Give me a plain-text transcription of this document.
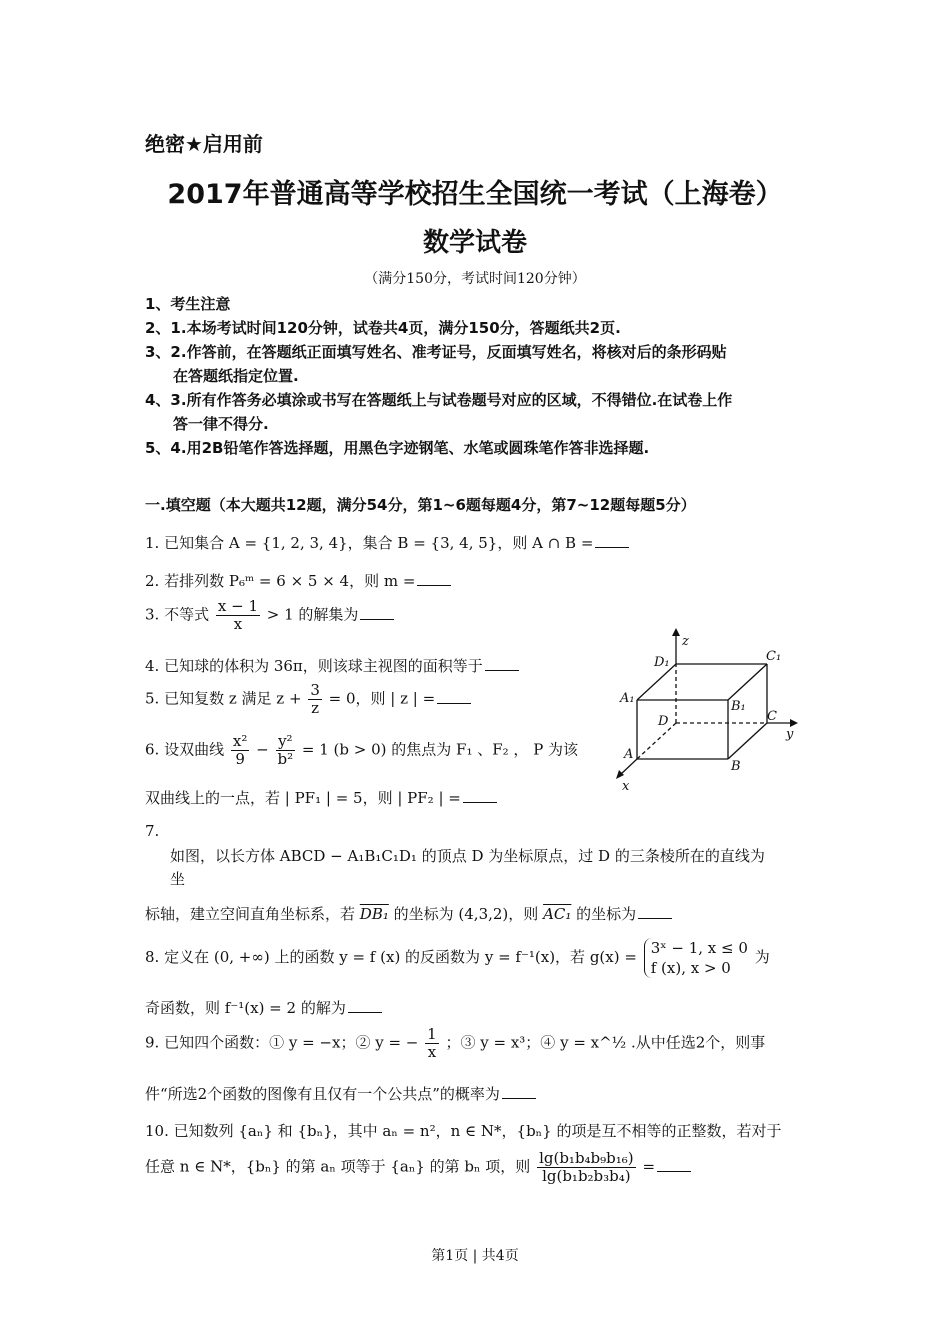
绝密★启用前
2017年普通高等学校招生全国统一考试（上海卷）
数学试卷
（满分150分，考试时间120分钟）
1、考生注意
2、1.本场考试时间120分钟，试卷共4页，满分150分，答题纸共2页.
3、2.作答前，在答题纸正面填写姓名、准考证号，反面填写姓名，将核对后的条形码贴
在答题纸指定位置.
4、3.所有作答务必填涂或书写在答题纸上与试卷题号对应的区域，不得错位.在试卷上作
答一律不得分.
5、4.用2B铅笔作答选择题，用黑色字迹钢笔、水笔或圆珠笔作答非选择题.
一.填空题（本大题共12题，满分54分，第1~6题每题4分，第7~12题每题5分）
1. 已知集合 A = {1, 2, 3, 4}，集合 B = {3, 4, 5}，则 A ∩ B =
2. 若排列数 P₆ᵐ = 6 × 5 × 4，则 m =
3. 不等式 $\frac{x - 1}{x} > 1$ 的解集为
4. 已知球的体积为 36π，则该球主视图的面积等于
5. 已知复数 z 满足 $z + \frac{3}{z} = 0$，则 | z | =
6. 设双曲线 $\frac{\text{x²}}{9} - \frac{\text{y²}}{\text{b²}} = 1$ (b > 0) 的焦点为 F₁ 、F₂ ， P 为该
双曲线上的一点，若 | PF₁ | = 5，则 | PF₂ | =
7.
如图，以长方体 ABCD − A₁B₁C₁D₁ 的顶点 D 为坐标原点，过 D 的三条棱所在的直线为
坐
标轴，建立空间直角坐标系，若 DB₁ 的坐标为 (4,3,2)，则 AC₁ 的坐标为
8. 定义在 (0, +∞) 上的函数 y = f (x) 的反函数为 y = f⁻¹(x)，若 g(x) = 3ˣ − 1, x ≤ 0
f (x), x > 0
为
奇函数，则 f⁻¹(x) = 2 的解为
9. 已知四个函数：① y = −x；② y = − $\frac{1}{x}$ ；③ y = x³；④ y = x^½ .从中任选2个，则事
件“所选2个函数的图像有且仅有一个公共点”的概率为
10. 已知数列 {aₙ} 和 {bₙ}，其中 aₙ = n²，n ∈ N*，{bₙ} 的项是互不相等的正整数，若对于
任意 n ∈ N*，{bₙ} 的第 aₙ 项等于 {aₙ} 的第 bₙ 项，则 $\frac{\text{lg(b₁b₄b₉b₁₆)}}{\text{lg(b₁b₂b₃b₄)}}$ =
z
y
x
D₁	C₁
A₁
B₁
D	C
A
B
第1页 | 共4页
